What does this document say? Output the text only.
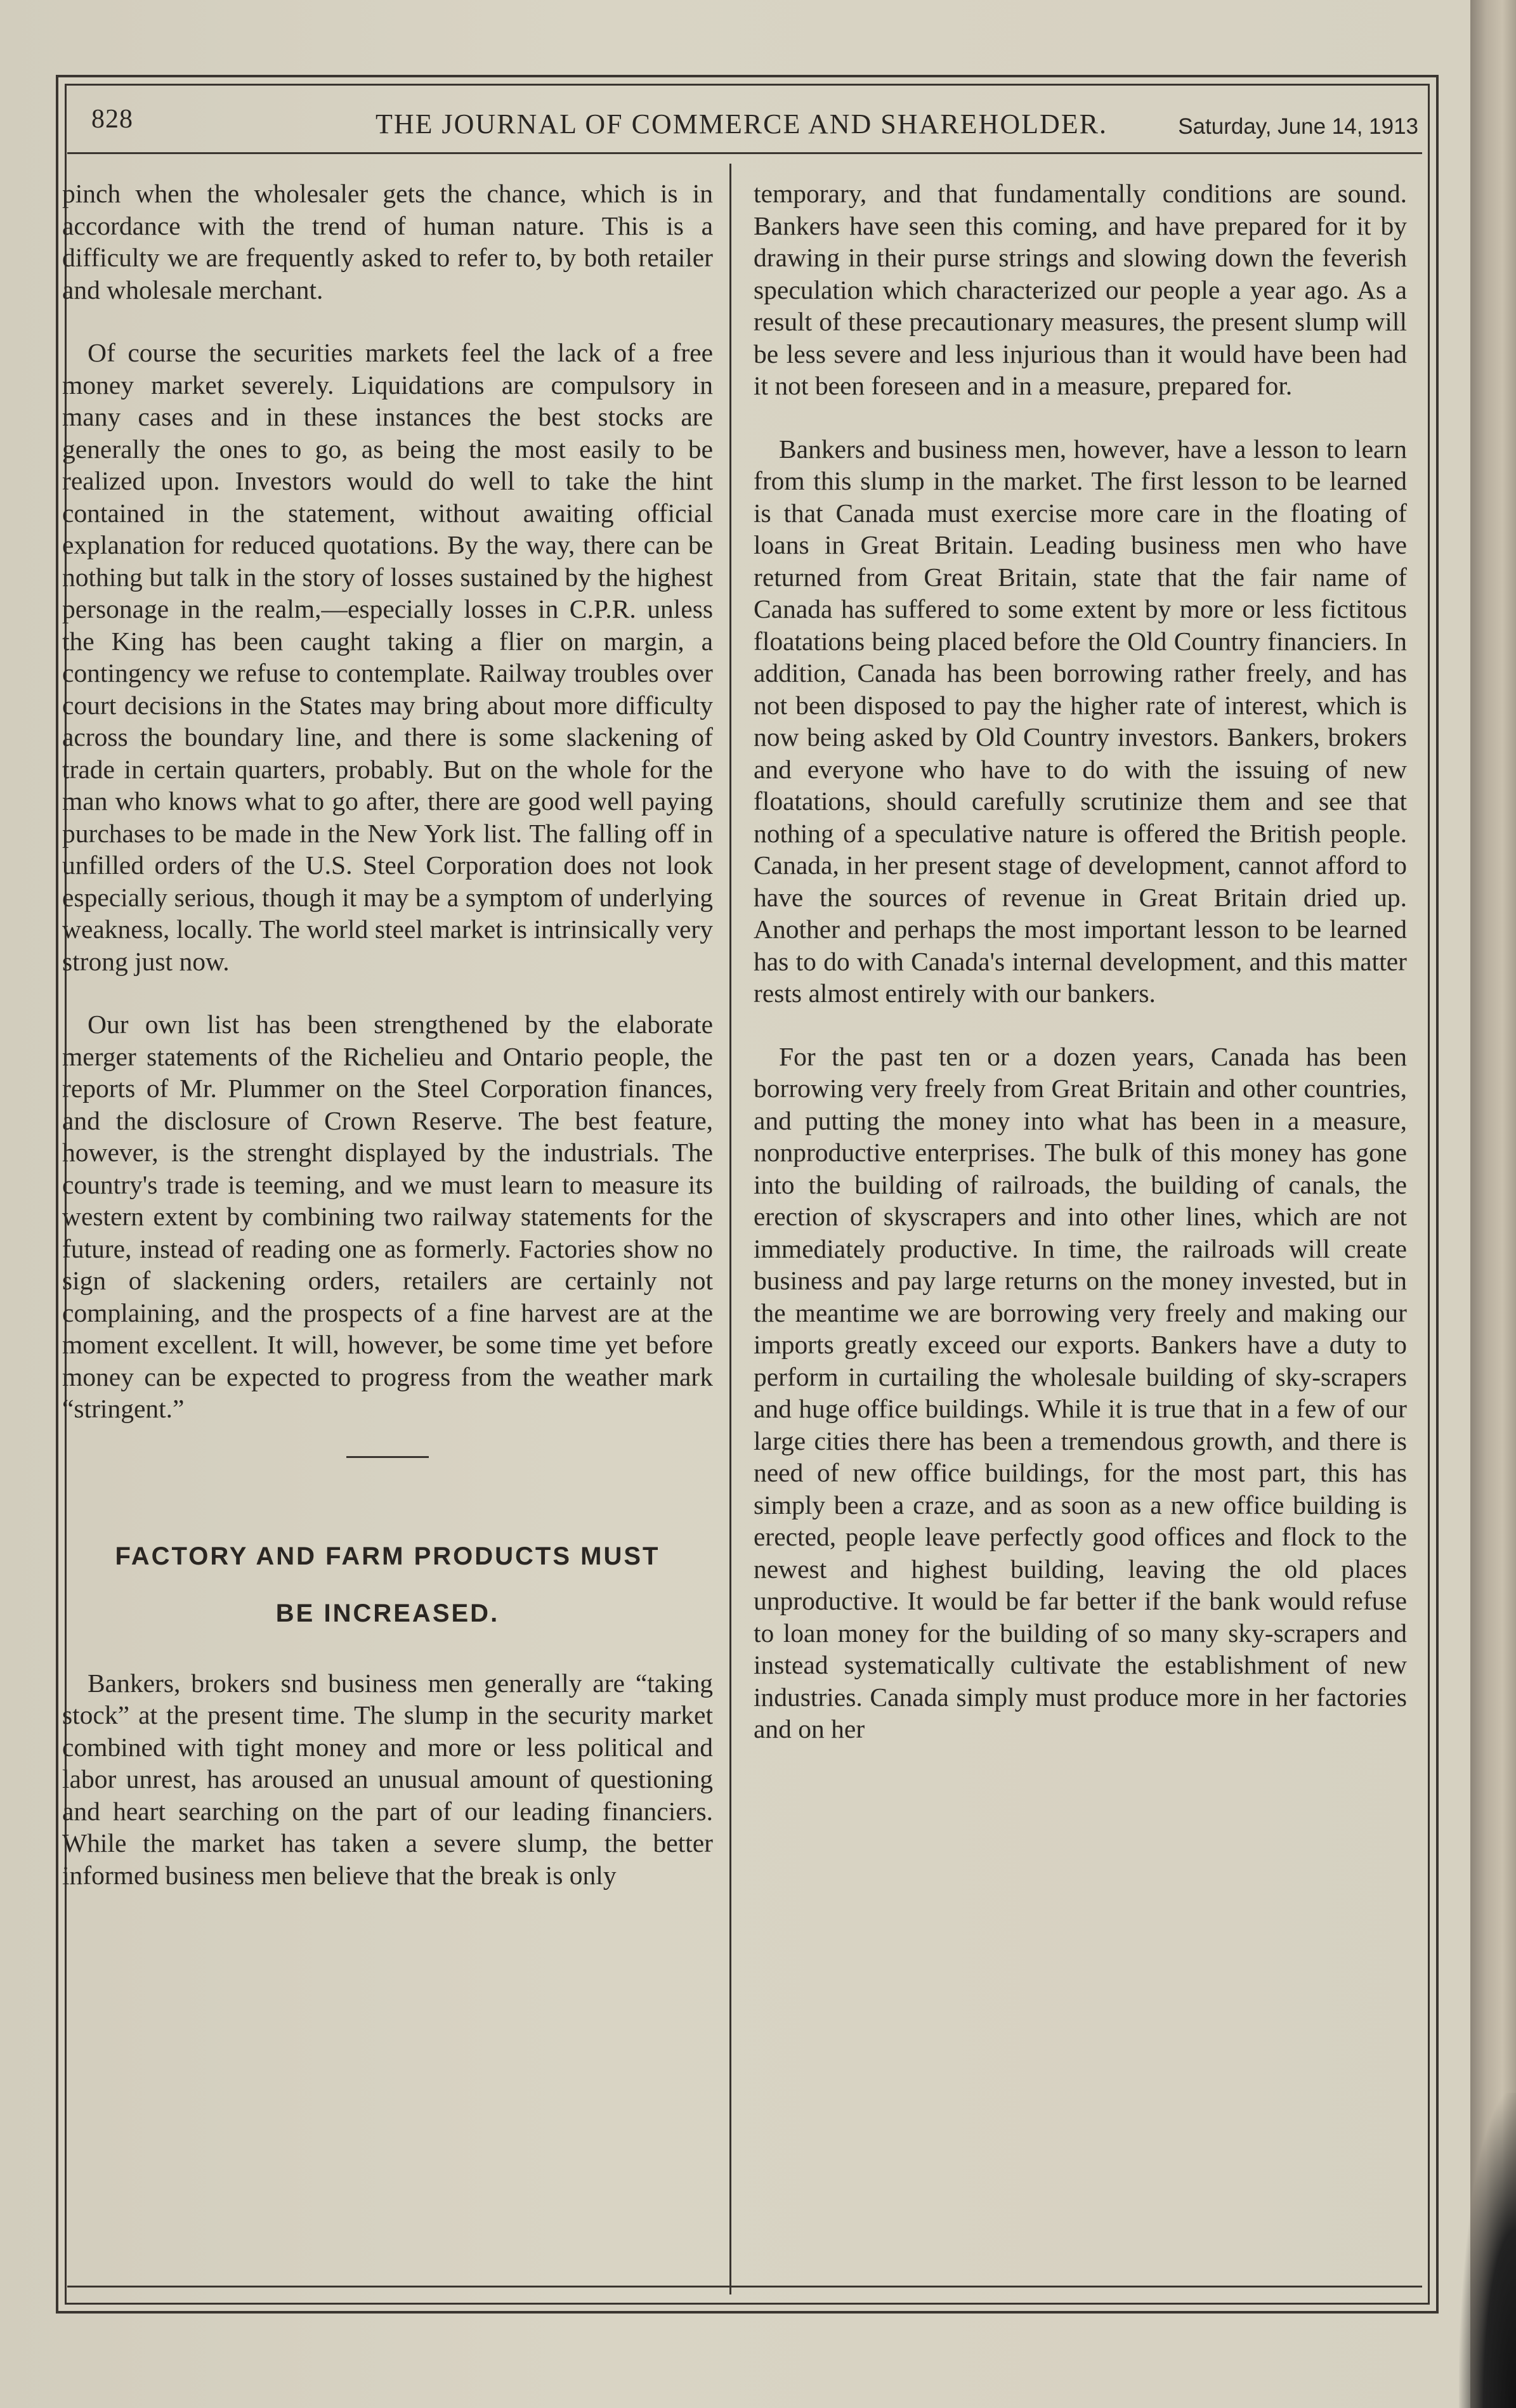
828	THE JOURNAL OF COMMERCE AND SHAREHOLDER.	Saturday, June 14, 1913

pinch when the wholesaler gets the chance, which is in accordance with the trend of human nature. This is a difficulty we are frequently asked to refer to, by both retailer and wholesale merchant.

Of course the securities markets feel the lack of a free money market severely. Liquidations are compulsory in many cases and in these instances the best stocks are generally the ones to go, as being the most easily to be realized upon. Investors would do well to take the hint contained in the statement, without awaiting official explanation for reduced quotations. By the way, there can be nothing but talk in the story of losses sustained by the highest personage in the realm,—especially losses in C.P.R. unless the King has been caught taking a flier on margin, a contingency we refuse to contemplate. Railway troubles over court decisions in the States may bring about more difficulty across the boundary line, and there is some slackening of trade in certain quarters, probably. But on the whole for the man who knows what to go after, there are good well paying purchases to be made in the New York list. The falling off in unfilled orders of the U.S. Steel Corporation does not look especially serious, though it may be a symptom of underlying weakness, locally. The world steel market is intrinsically very strong just now.

Our own list has been strengthened by the elaborate merger statements of the Richelieu and Ontario people, the reports of Mr. Plummer on the Steel Corporation finances, and the disclosure of Crown Reserve. The best feature, however, is the strenght displayed by the industrials. The country's trade is teeming, and we must learn to measure its western extent by combining two railway statements for the future, instead of reading one as formerly. Factories show no sign of slackening orders, retailers are certainly not complaining, and the prospects of a fine harvest are at the moment excellent. It will, however, be some time yet before money can be expected to progress from the weather mark “stringent.”

FACTORY AND FARM PRODUCTS MUST
BE INCREASED.

Bankers, brokers snd business men generally are “taking stock” at the present time. The slump in the security market combined with tight money and more or less political and labor unrest, has aroused an unusual amount of questioning and heart searching on the part of our leading financiers. While the market has taken a severe slump, the better informed business men believe that the break is only

temporary, and that fundamentally conditions are sound. Bankers have seen this coming, and have prepared for it by drawing in their purse strings and slowing down the feverish speculation which characterized our people a year ago. As a result of these precautionary measures, the present slump will be less severe and less injurious than it would have been had it not been foreseen and in a measure, prepared for.

Bankers and business men, however, have a lesson to learn from this slump in the market. The first lesson to be learned is that Canada must exercise more care in the floating of loans in Great Britain. Leading business men who have returned from Great Britain, state that the fair name of Canada has suffered to some extent by more or less fictitous floatations being placed before the Old Country financiers. In addition, Canada has been borrowing rather freely, and has not been disposed to pay the higher rate of interest, which is now being asked by Old Country investors. Bankers, brokers and everyone who have to do with the issuing of new floatations, should carefully scrutinize them and see that nothing of a speculative nature is offered the British people. Canada, in her present stage of development, cannot afford to have the sources of revenue in Great Britain dried up. Another and perhaps the most important lesson to be learned has to do with Canada's internal development, and this matter rests almost entirely with our bankers.

For the past ten or a dozen years, Canada has been borrowing very freely from Great Britain and other countries, and putting the money into what has been in a measure, nonproductive enterprises. The bulk of this money has gone into the building of railroads, the building of canals, the erection of skyscrapers and into other lines, which are not immediately productive. In time, the railroads will create business and pay large returns on the money invested, but in the meantime we are borrowing very freely and making our imports greatly exceed our exports. Bankers have a duty to perform in curtailing the wholesale building of sky-scrapers and huge office buildings. While it is true that in a few of our large cities there has been a tremendous growth, and there is need of new office buildings, for the most part, this has simply been a craze, and as soon as a new office building is erected, people leave perfectly good offices and flock to the newest and highest building, leaving the old places unproductive. It would be far better if the bank would refuse to loan money for the building of so many sky-scrapers and instead systematically cultivate the establishment of new industries. Canada simply must produce more in her factories and on her
